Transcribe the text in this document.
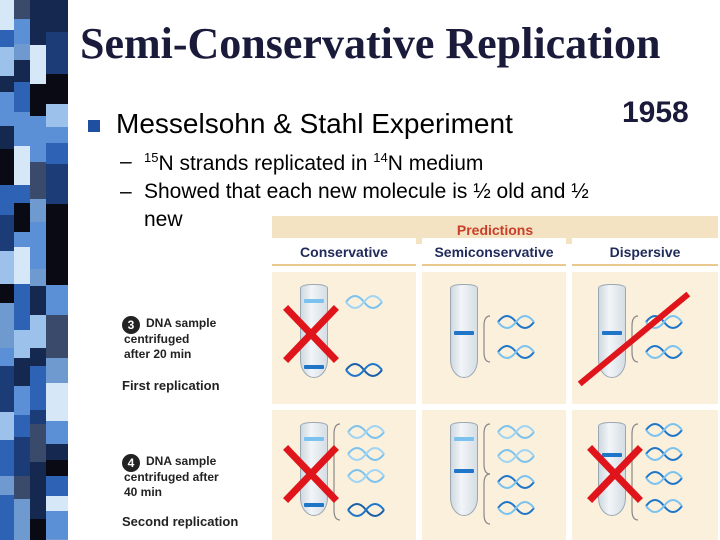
Semi-Conservative Replication
Messelsohn & Stahl Experiment	1958
– $^{15}$N strands replicated in $^{14}$N medium
– Showed that each new molecule is ½ old and ½
new	Predictions
Conservative	Semiconservative	Dispersive
3 DNA sample
centrifuged
after 20 min
First replication
4 DNA sample
centrifuged after
40 min
Second replication
